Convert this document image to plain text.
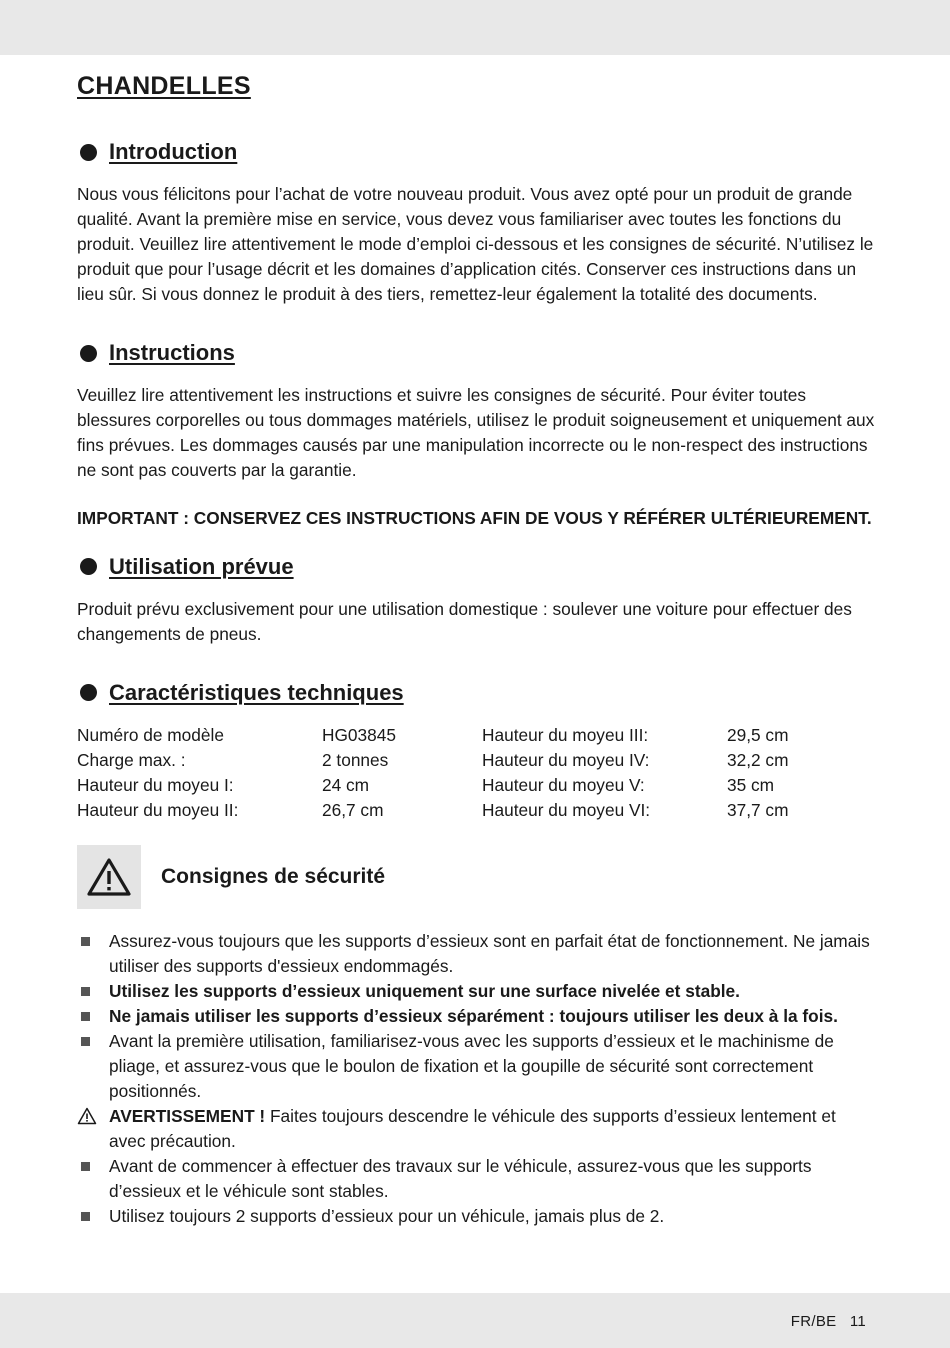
CHANDELLES
Introduction

Nous vous félicitons pour l’achat de votre nouveau produit. Vous avez opté pour un produit de grande qualité. Avant la première mise en service, vous devez vous familiariser avec toutes les fonctions du produit. Veuillez lire attentivement le mode d’emploi ci-dessous et les consignes de sécurité. N’utilisez le produit que pour l’usage décrit et les domaines d’application cités. Conserver ces instructions dans un lieu sûr. Si vous donnez le produit à des tiers, remettez-leur également la totalité des documents.

Instructions

Veuillez lire attentivement les instructions et suivre les consignes de sécurité. Pour éviter toutes blessures corporelles ou tous dommages matériels, utilisez le produit soigneusement et uniquement aux fins prévues. Les dommages causés par une manipulation incorrecte ou le non-respect des instructions ne sont pas couverts par la garantie.

IMPORTANT : CONSERVEZ CES INSTRUCTIONS AFIN DE VOUS Y RÉFÉRER ULTÉRIEUREMENT.

Utilisation prévue

Produit prévu exclusivement pour une utilisation domestique : soulever une voiture pour effectuer des changements de pneus.

Caractéristiques techniques
Numéro de modèle	HG03845	Hauteur du moyeu III:	29,5 cm
Charge max. :	2 tonnes	Hauteur du moyeu IV:	32,2 cm
Hauteur du moyeu I:	24 cm	Hauteur du moyeu V:	35 cm
Hauteur du moyeu II:	26,7 cm	Hauteur du moyeu VI:	37,7 cm
Consignes de sécurité
Assurez-vous toujours que les supports d’essieux sont en parfait état de fonctionnement. Ne jamais utiliser des supports d'essieux endommagés.
Utilisez les supports d’essieux uniquement sur une surface nivelée et stable.
Ne jamais utiliser les supports d’essieux séparément : toujours utiliser les deux à la fois.
Avant la première utilisation, familiarisez-vous avec les supports d’essieux et le machinisme de pliage, et assurez-vous que le boulon de fixation et la goupille de sécurité sont correctement positionnés.
AVERTISSEMENT ! Faites toujours descendre le véhicule des supports d’essieux lentement et avec précaution.
Avant de commencer à effectuer des travaux sur le véhicule, assurez-vous que les supports d’essieux et le véhicule sont stables.
Utilisez toujours 2 supports d’essieux pour un véhicule, jamais plus de 2.
FR/BE   11
